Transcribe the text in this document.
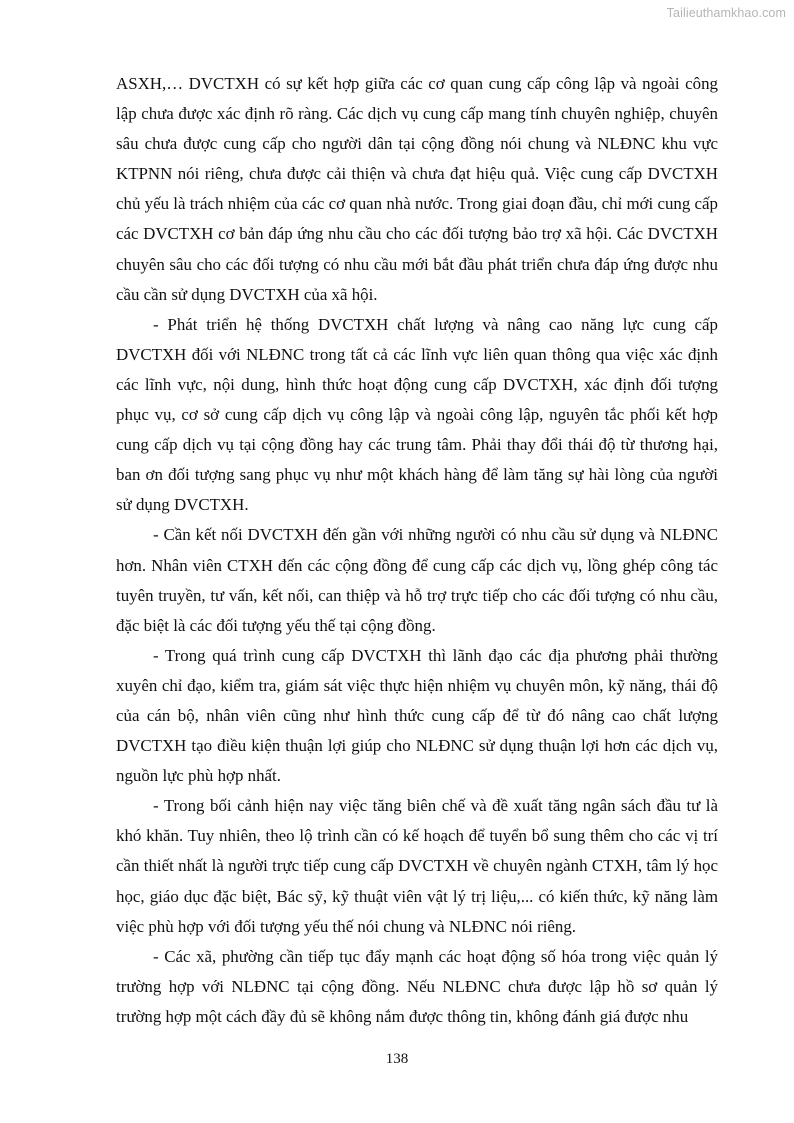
Tailieuthamkhao.com

ASXH,… DVCTXH có sự kết hợp giữa các cơ quan cung cấp công lập và ngoài công lập chưa được xác định rõ ràng. Các dịch vụ cung cấp mang tính chuyên nghiệp, chuyên sâu chưa được cung cấp cho người dân tại cộng đồng nói chung và NLĐNC khu vực KTPNN nói riêng, chưa được cải thiện và chưa đạt hiệu quả. Việc cung cấp DVCTXH chủ yếu là trách nhiệm của các cơ quan nhà nước. Trong giai đoạn đầu, chỉ mới cung cấp các DVCTXH cơ bản đáp ứng nhu cầu cho các đối tượng bảo trợ xã hội. Các DVCTXH chuyên sâu cho các đối tượng có nhu cầu mới bắt đầu phát triển chưa đáp ứng được nhu cầu cần sử dụng DVCTXH của xã hội.

- Phát triển hệ thống DVCTXH chất lượng và nâng cao năng lực cung cấp DVCTXH đối với NLĐNC trong tất cả các lĩnh vực liên quan thông qua việc xác định các lĩnh vực, nội dung, hình thức hoạt động cung cấp DVCTXH, xác định đối tượng phục vụ, cơ sở cung cấp dịch vụ công lập và ngoài công lập, nguyên tắc phối kết hợp cung cấp dịch vụ tại cộng đồng hay các trung tâm. Phải thay đổi thái độ từ thương hại, ban ơn đối tượng sang phục vụ như một khách hàng để làm tăng sự hài lòng của người sử dụng DVCTXH.

- Cần kết nối DVCTXH đến gần với những người có nhu cầu sử dụng và NLĐNC hơn. Nhân viên CTXH đến các cộng đồng để cung cấp các dịch vụ, lồng ghép công tác tuyên truyền, tư vấn, kết nối, can thiệp và hỗ trợ trực tiếp cho các đối tượng có nhu cầu, đặc biệt là các đối tượng yếu thế tại cộng đồng.

- Trong quá trình cung cấp DVCTXH thì lãnh đạo các địa phương phải thường xuyên chỉ đạo, kiểm tra, giám sát việc thực hiện nhiệm vụ chuyên môn, kỹ năng, thái độ của cán bộ, nhân viên cũng như hình thức cung cấp để từ đó nâng cao chất lượng DVCTXH tạo điều kiện thuận lợi giúp cho NLĐNC sử dụng thuận lợi hơn các dịch vụ, nguồn lực phù hợp nhất.

- Trong bối cảnh hiện nay việc tăng biên chế và đề xuất tăng ngân sách đầu tư là khó khăn. Tuy nhiên, theo lộ trình cần có kế hoạch để tuyển bổ sung thêm cho các vị trí cần thiết nhất là người trực tiếp cung cấp DVCTXH về chuyên ngành CTXH, tâm lý học học, giáo dục đặc biệt, Bác sỹ, kỹ thuật viên vật lý trị liệu,... có kiến thức, kỹ năng làm việc phù hợp với đối tượng yếu thế nói chung và NLĐNC nói riêng.

- Các xã, phường cần tiếp tục đẩy mạnh các hoạt động số hóa trong việc quản lý trường hợp với NLĐNC tại cộng đồng. Nếu NLĐNC chưa được lập hồ sơ quản lý trường hợp một cách đầy đủ sẽ không nắm được thông tin, không đánh giá được nhu

138
